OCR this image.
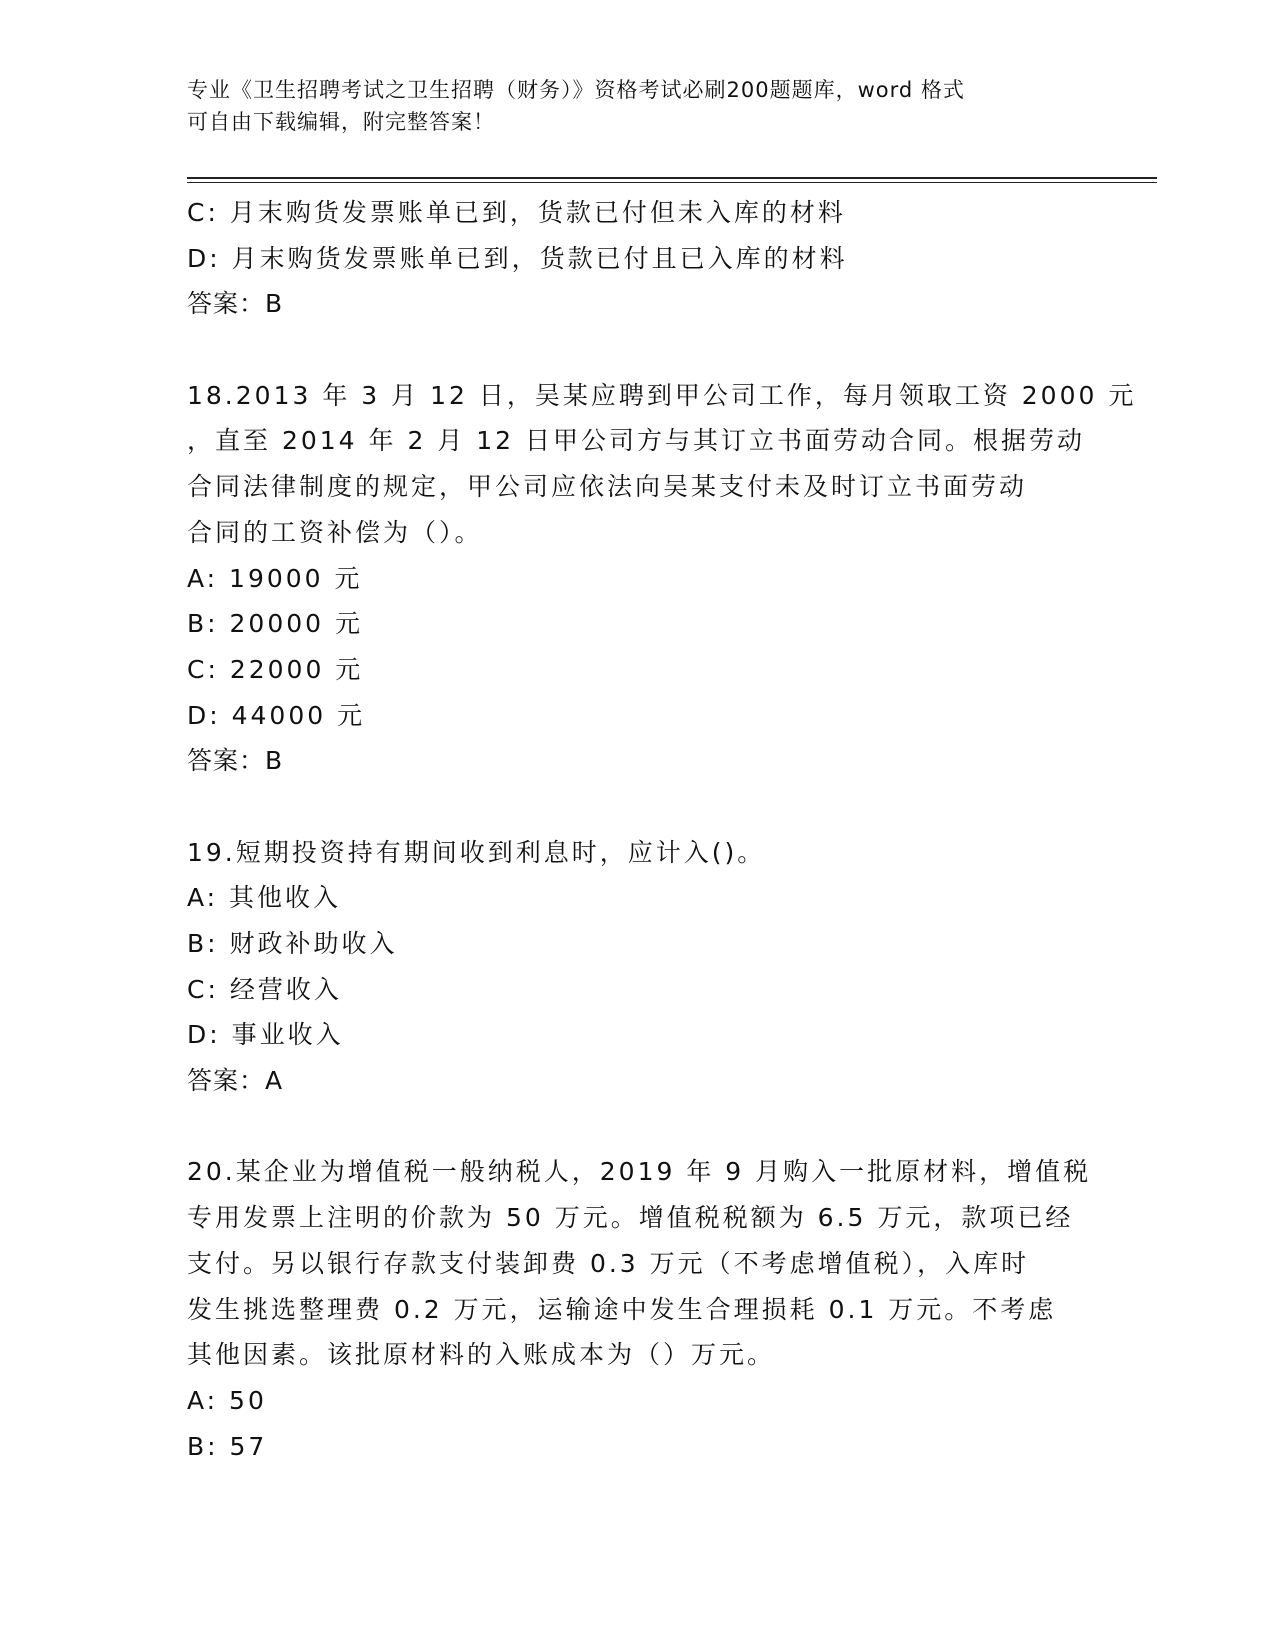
专业《卫生招聘考试之卫生招聘（财务）》资格考试必刷200题题库，word 格式
可自由下载编辑，附完整答案！
C: 月末购货发票账单已到，货款已付但未入库的材料
D: 月末购货发票账单已到，货款已付且已入库的材料
答案：B
18.2013 年 3 月 12 日，吴某应聘到甲公司工作，每月领取工资 2000 元
，直至 2014 年 2 月 12 日甲公司方与其订立书面劳动合同。根据劳动
合同法律制度的规定，甲公司应依法向吴某支付未及时订立书面劳动
合同的工资补偿为（）。
A: 19000 元
B: 20000 元
C: 22000 元
D: 44000 元
答案：B
19.短期投资持有期间收到利息时，应计入()。
A: 其他收入
B: 财政补助收入
C: 经营收入
D: 事业收入
答案：A
20.某企业为增值税一般纳税人，2019 年 9 月购入一批原材料，增值税
专用发票上注明的价款为 50 万元。增值税税额为 6.5 万元，款项已经
支付。另以银行存款支付装卸费 0.3 万元（不考虑增值税），入库时
发生挑选整理费 0.2 万元，运输途中发生合理损耗 0.1 万元。不考虑
其他因素。该批原材料的入账成本为（）万元。
A: 50
B: 57
